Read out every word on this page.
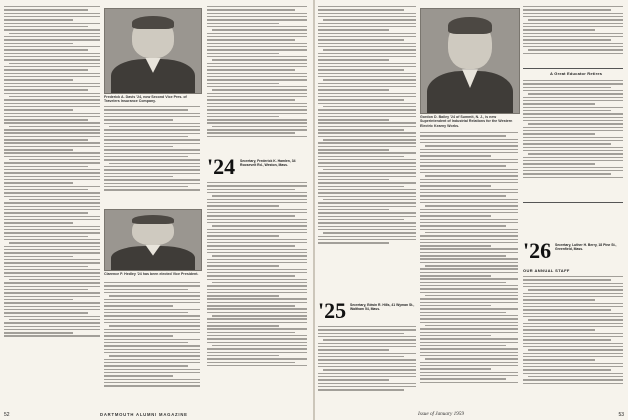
Frederick A. Davis '24, now Second Vice Pres. of Travelers Insurance Company.
Clarence P. Hedley '24 has been elected Vice President.
'24 Secretary, Frederick K. Hamlen, 34 Roosevelt Rd., Weston, Mass.
52	DARTMOUTH ALUMNI MAGAZINE
'25 Secretary, Edwin R. Hills, 41 Wyman St., Waltham 54, Mass.
Gordon D. Bailey '24 of Summit, N. J., is new Superintendent of Industrial Relations for the Western Electric Kearny Works.
A Great Educator Retires
'26 Secretary, Luther H. Berry, 18 Pine St., Greenfield, Mass.
OUR ANNUAL STAFF
Issue of January 1959	53
